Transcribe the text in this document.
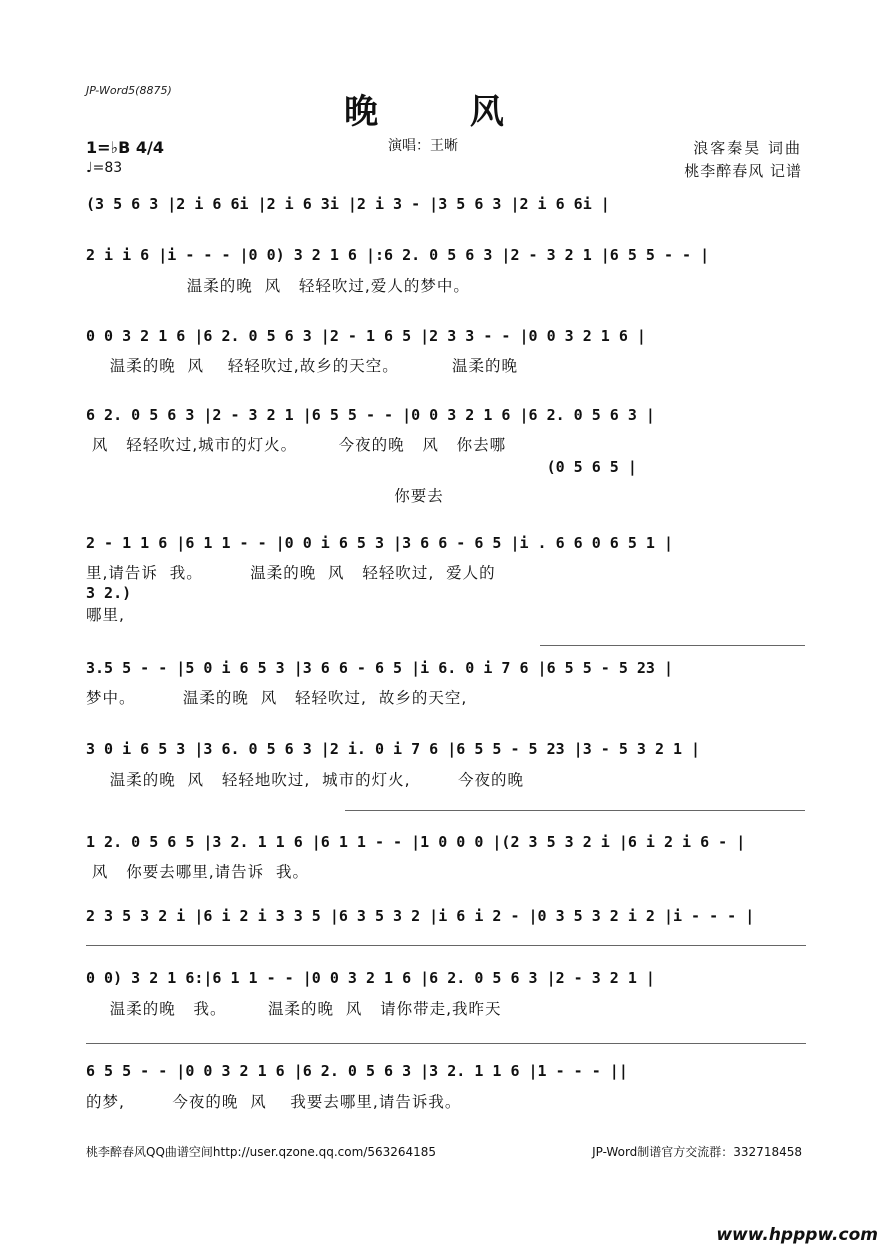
JP-Word5(8875)
晚 风
1=♭B 4/4
♩=83
演唱：王晰	浪客秦昊 词曲
桃李醉春风 记谱
(3 5 6 3 |2 i 6 6i |2 i 6 3i |2 i 3 - |3 5 6 3 |2 i 6 6i |
2 i i 6 |i - - - |0 0) 3 2 1 6 |:6 2. 0 5 6 3 |2 - 3 2 1 |6 5 5 - - |
温柔的晚  风   轻轻吹过,爱人的梦中。
0 0 3 2 1 6 |6 2. 0 5 6 3 |2 - 1 6 5 |2 3 3 - - |0 0 3 2 1 6 |
温柔的晚  风    轻轻吹过,故乡的天空。         温柔的晚
6 2. 0 5 6 3 |2 - 3 2 1 |6 5 5 - - |0 0 3 2 1 6 |6 2. 0 5 6 3 |
风   轻轻吹过,城市的灯火。       今夜的晚   风   你去哪
(0 5 6 5 |
你要去
2 - 1 1 6 |6 1 1 - - |0 0 i 6 5 3 |3 6 6 - 6 5 |i . 6 6 0 6 5 1 |
里,请告诉  我。        温柔的晚  风   轻轻吹过,  爱人的
3 2.)
哪里,
3.5 5 - - |5 0 i 6 5 3 |3 6 6 - 6 5 |i 6. 0 i 7 6 |6 5 5 - 5 23 |
梦中。        温柔的晚  风   轻轻吹过,  故乡的天空,
3 0 i 6 5 3 |3 6. 0 5 6 3 |2 i. 0 i 7 6 |6 5 5 - 5 23 |3 - 5 3 2 1 |
温柔的晚  风   轻轻地吹过,  城市的灯火,        今夜的晚
1 2. 0 5 6 5 |3 2. 1 1 6 |6 1 1 - - |1 0 0 0 |(2 3 5 3 2 i |6 i 2 i 6 - |
风   你要去哪里,请告诉  我。
2 3 5 3 2 i |6 i 2 i 3 3 5 |6 3 5 3 2 |i 6 i 2 - |0 3 5 3 2 i 2 |i - - - |
0 0) 3 2 1 6:|6 1 1 - - |0 0 3 2 1 6 |6 2. 0 5 6 3 |2 - 3 2 1 |
温柔的晚   我。       温柔的晚  风   请你带走,我昨天
6 5 5 - - |0 0 3 2 1 6 |6 2. 0 5 6 3 |3 2. 1 1 6 |1 - - - ||
的梦,        今夜的晚  风    我要去哪里,请告诉我。
桃李醉春风QQ曲谱空间http://user.qzone.qq.com/563264185	JP-Word制谱官方交流群：332718458
www.hpppw.com
